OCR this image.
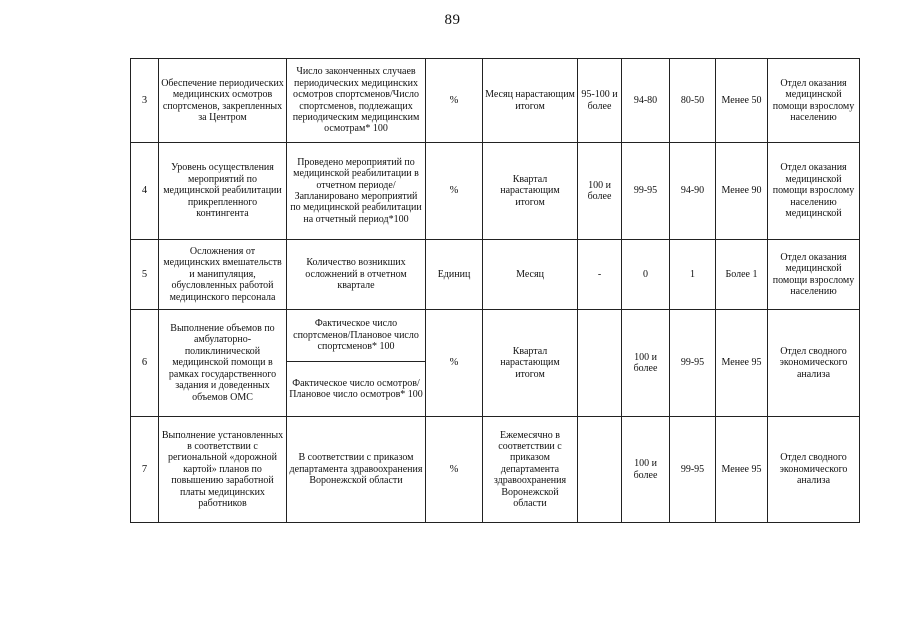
89
3	Обеспечение периодических медицинских осмотров спортсменов, закрепленных за Центром	Число законченных случаев периодических медицинских осмотров спортсменов/Число спортсменов, подлежащих периодическим медицинским осмотрам* 100	%	Месяц нарастающим итогом	95-100 и более	94-80	80-50	Менее 50	Отдел оказания медицинской помощи взрослому населению
4	Уровень осуществления мероприятий по медицинской реабилитации прикрепленного контингента	Проведено мероприятий по медицинской реабилитации в отчетном периоде/Запланировано мероприятий по медицинской реабилитации на отчетный период*100	%	Квартал нарастающим итогом	100 и более	99-95	94-90	Менее 90	Отдел оказания медицинской помощи взрослому населению медицинской
5	Осложнения от медицинских вмешательств и манипуляция, обусловленных работой медицинского персонала	Количество возникших осложнений в отчетном квартале	Единиц	Месяц	-	0	1	Более 1	Отдел оказания медицинской помощи взрослому населению
6	Выполнение объемов по амбулаторно-поликлинической медицинской помощи в рамках государственного задания и доведенных объемов ОМС	Фактическое число спортсменов/Плановое число спортсменов* 100	%	Квартал нарастающим итогом		100 и более	99-95	Менее 95	Отдел сводного экономического анализа
		Фактическое число осмотров/Плановое число осмотров* 100							
7	Выполнение установленных в соответствии с региональной «дорожной картой» планов по повышению заработной платы медицинских работников	В соответствии с приказом департамента здравоохранения Воронежской области	%	Ежемесячно в соответствии с приказом департамента здравоохранения Воронежской области		100 и более	99-95	Менее 95	Отдел сводного экономического анализа
